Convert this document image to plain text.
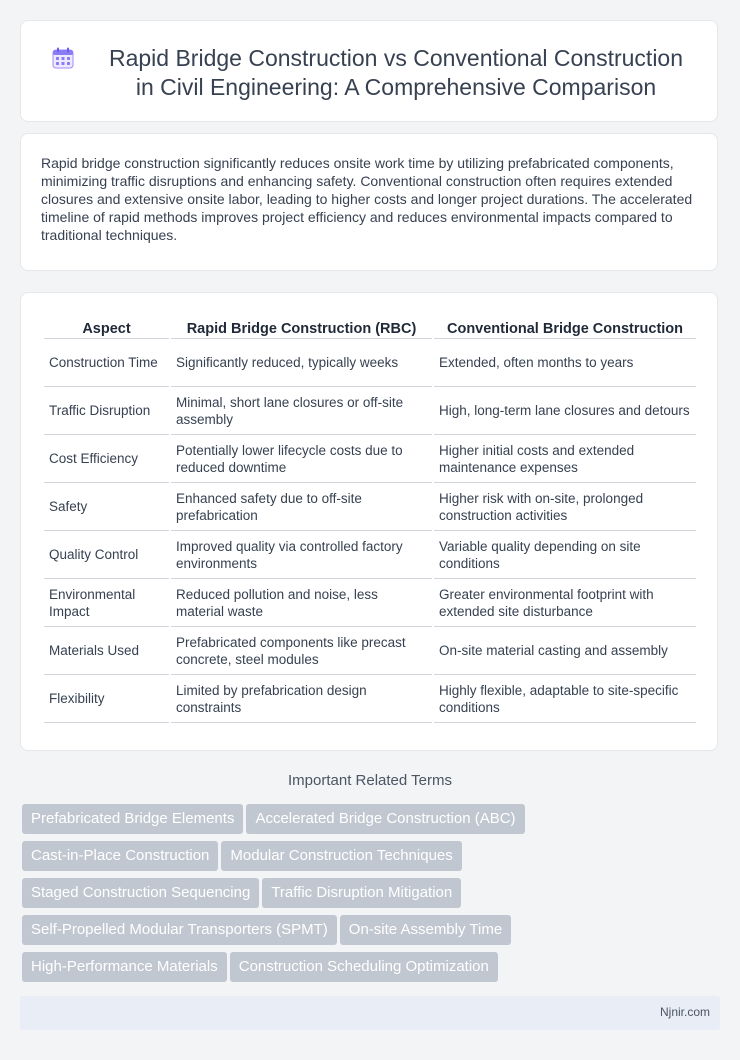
Rapid Bridge Construction vs Conventional Construction
in Civil Engineering: A Comprehensive Comparison
Rapid bridge construction significantly reduces onsite work time by utilizing prefabricated components, minimizing traffic disruptions and enhancing safety. Conventional construction often requires extended closures and extensive onsite labor, leading to higher costs and longer project durations. The accelerated timeline of rapid methods improves project efficiency and reduces environmental impacts compared to traditional techniques.
Aspect	Rapid Bridge Construction (RBC)	Conventional Bridge Construction
Construction Time	Significantly reduced, typically weeks	Extended, often months to years
Traffic Disruption	Minimal, short lane closures or off-site assembly	High, long-term lane closures and detours
Cost Efficiency	Potentially lower lifecycle costs due to reduced downtime	Higher initial costs and extended maintenance expenses
Safety	Enhanced safety due to off-site prefabrication	Higher risk with on-site, prolonged construction activities
Quality Control	Improved quality via controlled factory environments	Variable quality depending on site conditions
Environmental Impact	Reduced pollution and noise, less material waste	Greater environmental footprint with extended site disturbance
Materials Used	Prefabricated components like precast concrete, steel modules	On-site material casting and assembly
Flexibility	Limited by prefabrication design constraints	Highly flexible, adaptable to site-specific conditions
Important Related Terms
Prefabricated Bridge Elements Accelerated Bridge Construction (ABC)
Cast-in-Place Construction Modular Construction Techniques
Staged Construction Sequencing Traffic Disruption Mitigation
Self-Propelled Modular Transporters (SPMT) On-site Assembly Time
High-Performance Materials Construction Scheduling Optimization
Njnir.com
